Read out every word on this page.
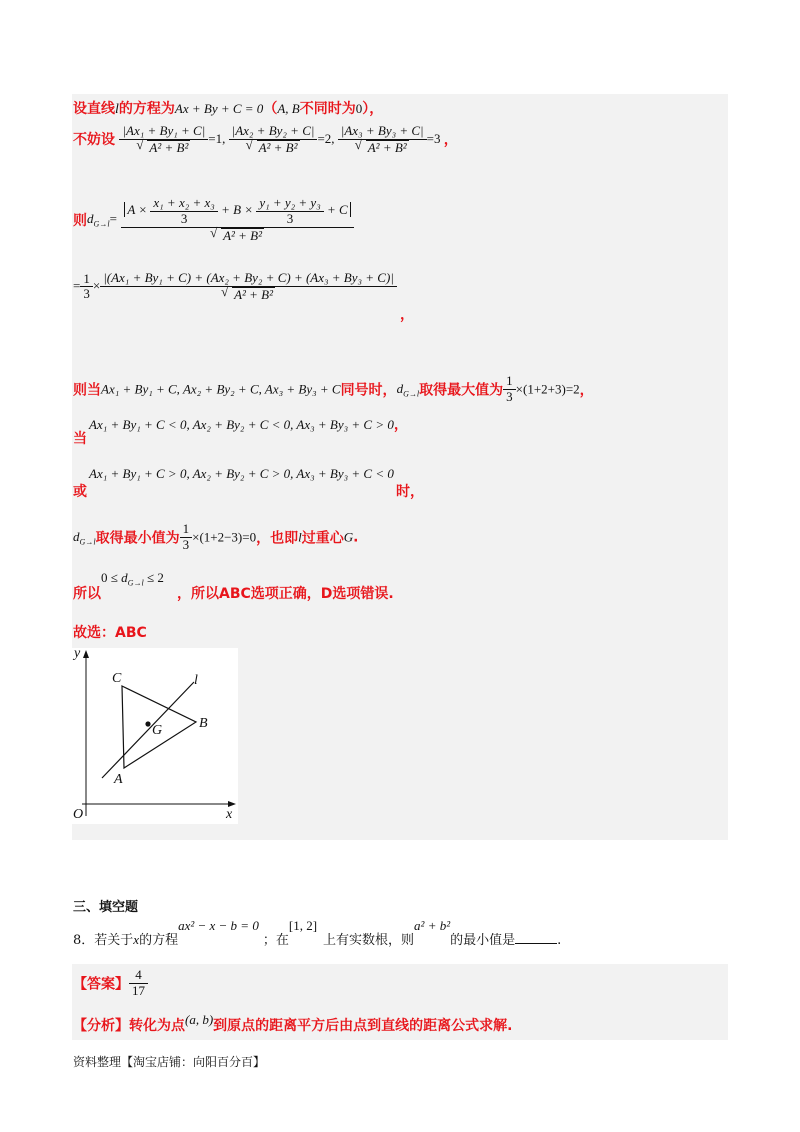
设直线l的方程为Ax + By + C = 0（A, B不同时为0），
不妨设 |Ax₁ + By₁ + C|
√ A² + B² =1, |Ax₂ + By₂ + C|
√ A² + B² =2, |Ax₃ + By₃ + C|
√ A² + B² =3 ，
则$d_{G\to l}=$
$A \times \frac{\text{x₁ + x₂ + x₃}}{3} + B \times \frac{\text{y₁ + y₂ + y₃}}{3} + C$
√ A² + B²
= $\frac{1}{3} \times |(Ax_1 + By_1 + C) + (Ax_2 + By_2 + C) + (Ax_3 + By_3 + C)|$
√ A² + B²
，
则当Ax₁ + By₁ + C, Ax₂ + By₂ + C, Ax₃ + By₃ + C同号时，$d_{G\to l}$取得最大值为 $\frac{1}{3} \times(1+2+3)=2$，
Ax₁ + By₁ + C < 0, Ax₂ + By₂ + C < 0, Ax₃ + By₃ + C > 0，
当
Ax₁ + By₁ + C > 0, Ax₂ + By₂ + C > 0, Ax₃ + By₃ + C < 0
或	时，
$d_{G\to l}$取得最小值为 $\frac{1}{3} \times(1+2-3)=0$，也即l过重心G.
$0 \le d_{G\to l} \le 2$
所以	，所以ABC选项正确，D选项错误.
故选：ABC
y
x
O
C
B
A
G
l
三、填空题
8．若关于x的方程ax² − x − b = 0；在[1, 2]上有实数根，则a² + b²的最小值是	.
【答案】 $\frac{4}{17}$
【分析】转化为点(a, b)到原点的距离平方后由点到直线的距离公式求解.
资料整理【淘宝店铺：向阳百分百】
